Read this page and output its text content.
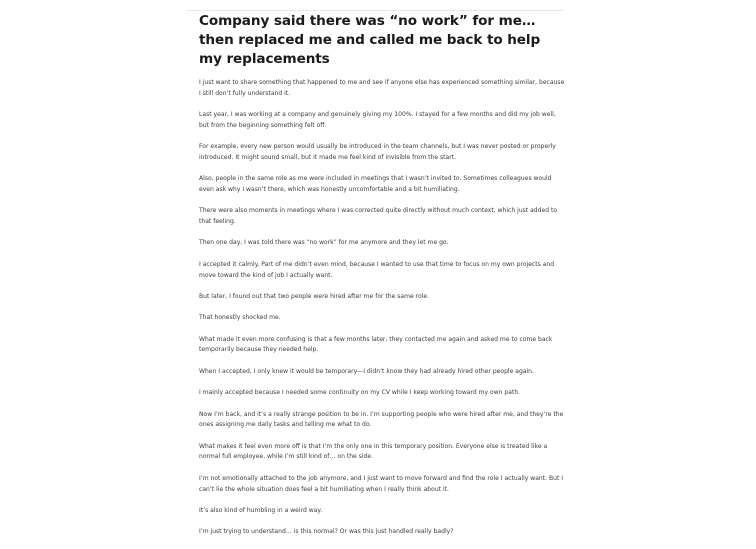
Company said there was “no work” for me… then replaced me and called me back to help my replacements

I just want to share something that happened to me and see if anyone else has experienced something similar, because I still don’t fully understand it.

Last year, I was working at a company and genuinely giving my 100%. I stayed for a few months and did my job well, but from the beginning something felt off.

For example, every new person would usually be introduced in the team channels, but I was never posted or properly introduced. It might sound small, but it made me feel kind of invisible from the start.

Also, people in the same role as me were included in meetings that I wasn’t invited to. Sometimes colleagues would even ask why I wasn’t there, which was honestly uncomfortable and a bit humiliating.

There were also moments in meetings where I was corrected quite directly without much context, which just added to that feeling.

Then one day, I was told there was “no work” for me anymore and they let me go.

I accepted it calmly. Part of me didn’t even mind, because I wanted to use that time to focus on my own projects and move toward the kind of job I actually want.

But later, I found out that two people were hired after me for the same role.

That honestly shocked me.

What made it even more confusing is that a few months later, they contacted me again and asked me to come back temporarily because they needed help.

When I accepted, I only knew it would be temporary—I didn’t know they had already hired other people again.

I mainly accepted because I needed some continuity on my CV while I keep working toward my own path.

Now I’m back, and it’s a really strange position to be in. I’m supporting people who were hired after me, and they’re the ones assigning me daily tasks and telling me what to do.

What makes it feel even more off is that I’m the only one in this temporary position. Everyone else is treated like a normal full employee, while I’m still kind of… on the side.

I’m not emotionally attached to the job anymore, and I just want to move forward and find the role I actually want. But I can’t lie the whole situation does feel a bit humiliating when I really think about it.

It’s also kind of humbling in a weird way.

I’m just trying to understand… is this normal? Or was this just handled really badly?
